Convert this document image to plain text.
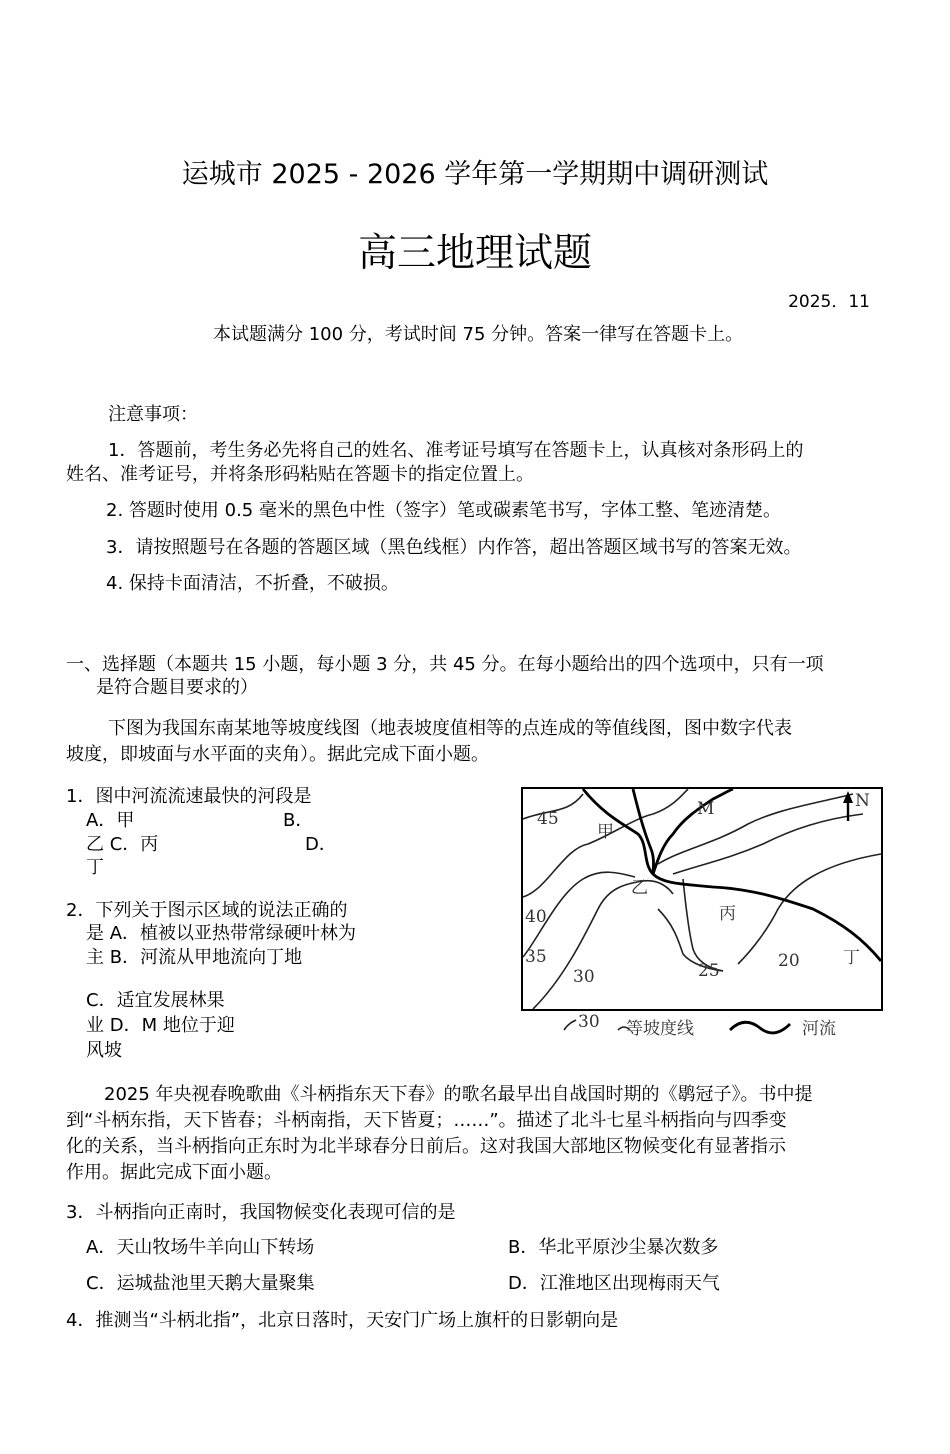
运城市 2025 - 2026 学年第一学期期中调研测试
高三地理试题
2025．11
本试题满分 100 分，考试时间 75 分钟。答案一律写在答题卡上。
注意事项：
1．答题前，考生务必先将自己的姓名、准考证号填写在答题卡上，认真核对条形码上的
姓名、准考证号，并将条形码粘贴在答题卡的指定位置上。
2. 答题时使用 0.5 毫米的黑色中性（签字）笔或碳素笔书写，字体工整、笔迹清楚。
3．请按照题号在各题的答题区域（黑色线框）内作答，超出答题区域书写的答案无效。
4. 保持卡面清洁，不折叠，不破损。
一、选择题（本题共 15 小题，每小题 3 分，共 45 分。在每小题给出的四个选项中，只有一项
是符合题目要求的）
下图为我国东南某地等坡度线图（地表坡度值相等的点连成的等值线图，图中数字代表
坡度，即坡面与水平面的夹角）。据此完成下面小题。
1．图中河流流速最快的河段是
A．甲	B．
乙 C．丙	D．
丁
2．下列关于图示区域的说法正确的
是 A．植被以亚热带常绿硬叶林为
主 B．河流从甲地流向丁地
C．适宜发展林果
业 D．M 地位于迎
风坡
N
45
40
35
30	25	20
甲
M
乙
丙
丁
30 等坡度线	河流
2025 年央视春晚歌曲《斗柄指东天下春》的歌名最早出自战国时期的《鹖冠子》。书中提
到“斗柄东指，天下皆春；斗柄南指，天下皆夏；……”。描述了北斗七星斗柄指向与四季变
化的关系，当斗柄指向正东时为北半球春分日前后。这对我国大部地区物候变化有显著指示
作用。据此完成下面小题。
3．斗柄指向正南时，我国物候变化表现可信的是
A．天山牧场牛羊向山下转场	B．华北平原沙尘暴次数多
C．运城盐池里天鹅大量聚集	D．江淮地区出现梅雨天气
4．推测当“斗柄北指”，北京日落时，天安门广场上旗杆的日影朝向是
